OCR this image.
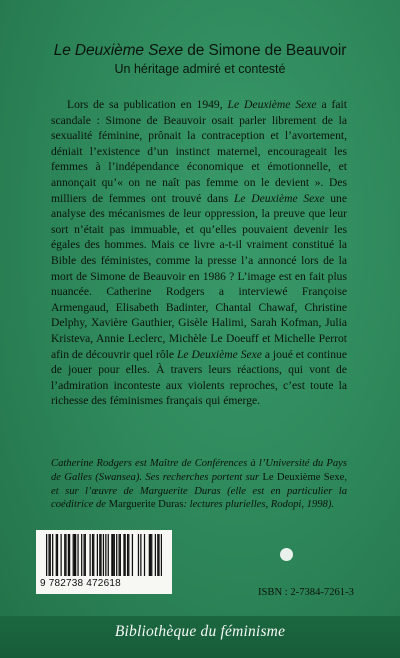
Le Deuxième Sexe de Simone de Beauvoir
Un héritage admiré et contesté

Lors de sa publication en 1949, Le Deuxième Sexe a fait scandale : Simone de Beauvoir osait parler librement de la sexualité féminine, prônait la contraception et l’avortement, déniait l’existence d’un instinct maternel, encourageait les femmes à l’indépendance économique et émotionnelle, et annonçait qu’« on ne naît pas femme on le devient ». Des milliers de femmes ont trouvé dans Le Deuxième Sexe une analyse des mécanismes de leur oppression, la preuve que leur sort n’était pas immuable, et qu’elles pouvaient devenir les égales des hommes. Mais ce livre a-t-il vraiment constitué la Bible des féministes, comme la presse l’a annoncé lors de la mort de Simone de Beauvoir en 1986 ? L’image est en fait plus nuancée. Catherine Rodgers a interviewé Françoise Armengaud, Elisabeth Badinter, Chantal Chawaf, Christine Delphy, Xavière Gauthier, Gisèle Halimi, Sarah Kofman, Julia Kristeva, Annie Leclerc, Michèle Le Doeuff et Michelle Perrot afin de découvrir quel rôle Le Deuxième Sexe a joué et continue de jouer pour elles. À travers leurs réactions, qui vont de l’admiration inconteste aux violents reproches, c’est toute la richesse des féminismes français qui émerge.

Catherine Rodgers est Maître de Conférences à l’Université du Pays de Galles (Swansea). Ses recherches portent sur Le Deuxième Sexe, et sur l’œuvre de Marguerite Duras (elle est en particulier la coéditrice de Marguerite Duras: lectures plurielles, Rodopi, 1998).
9 782738 472618
ISBN : 2-7384-7261-3
Bibliothèque du féminisme
